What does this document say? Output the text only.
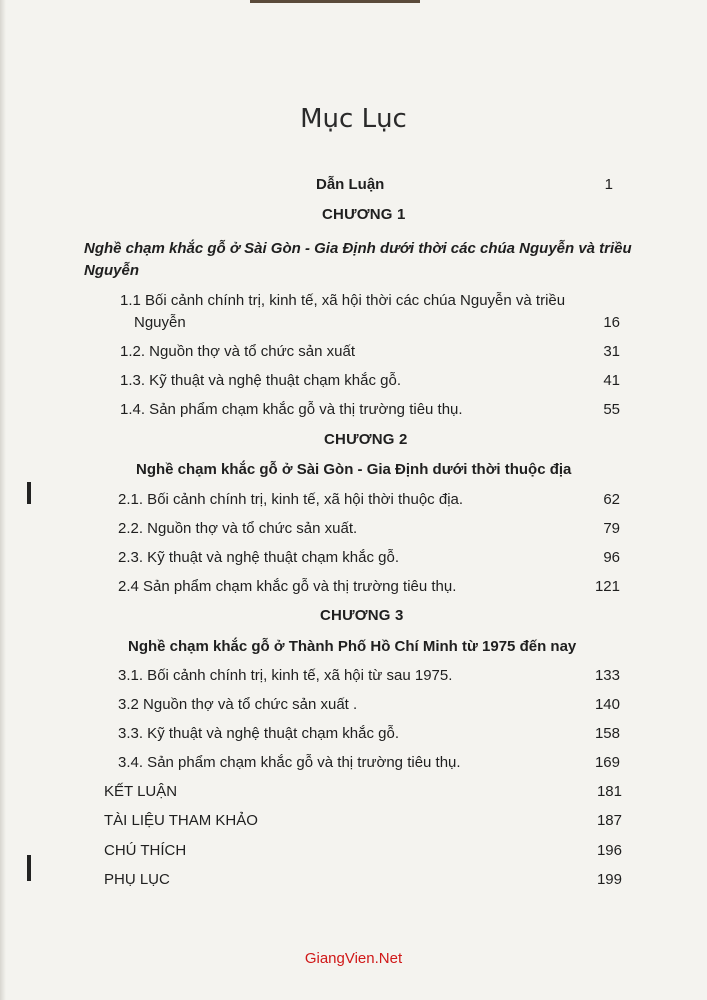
Mục Lục
Dẫn Luận	1
CHƯƠNG 1
Nghề chạm khắc gỗ ở Sài Gòn - Gia Định dưới thời các chúa Nguyễn và triều
Nguyễn
1.1 Bối cảnh chính trị, kinh tế, xã hội thời các chúa Nguyễn và triều
Nguyễn	16
1.2. Nguồn thợ và tổ chức sản xuất	31
1.3. Kỹ thuật và nghệ thuật chạm khắc gỗ.	41
1.4. Sản phẩm chạm khắc gỗ và thị trường tiêu thụ.	55
CHƯƠNG 2
Nghề chạm khắc gỗ ở Sài Gòn - Gia Định dưới thời thuộc địa
2.1. Bối cảnh chính trị, kinh tế, xã hội thời thuộc địa.	62
2.2. Nguồn thợ và tổ chức sản xuất.	79
2.3. Kỹ thuật và nghệ thuật chạm khắc gỗ.	96
2.4 Sản phẩm chạm khắc gỗ và thị trường tiêu thụ.	121
CHƯƠNG 3
Nghề chạm khắc gỗ ở Thành Phố Hồ Chí Minh từ 1975 đến nay
3.1. Bối cảnh chính trị, kinh tế, xã hội từ sau 1975.	133
3.2 Nguồn thợ và tổ chức sản xuất .	140
3.3. Kỹ thuật và nghệ thuật chạm khắc gỗ.	158
3.4. Sản phẩm chạm khắc gỗ và thị trường tiêu thụ.	169
KẾT LUẬN	181
TÀI LIỆU THAM KHẢO	187
CHÚ THÍCH	196
PHỤ LỤC	199
GiangVien.Net
